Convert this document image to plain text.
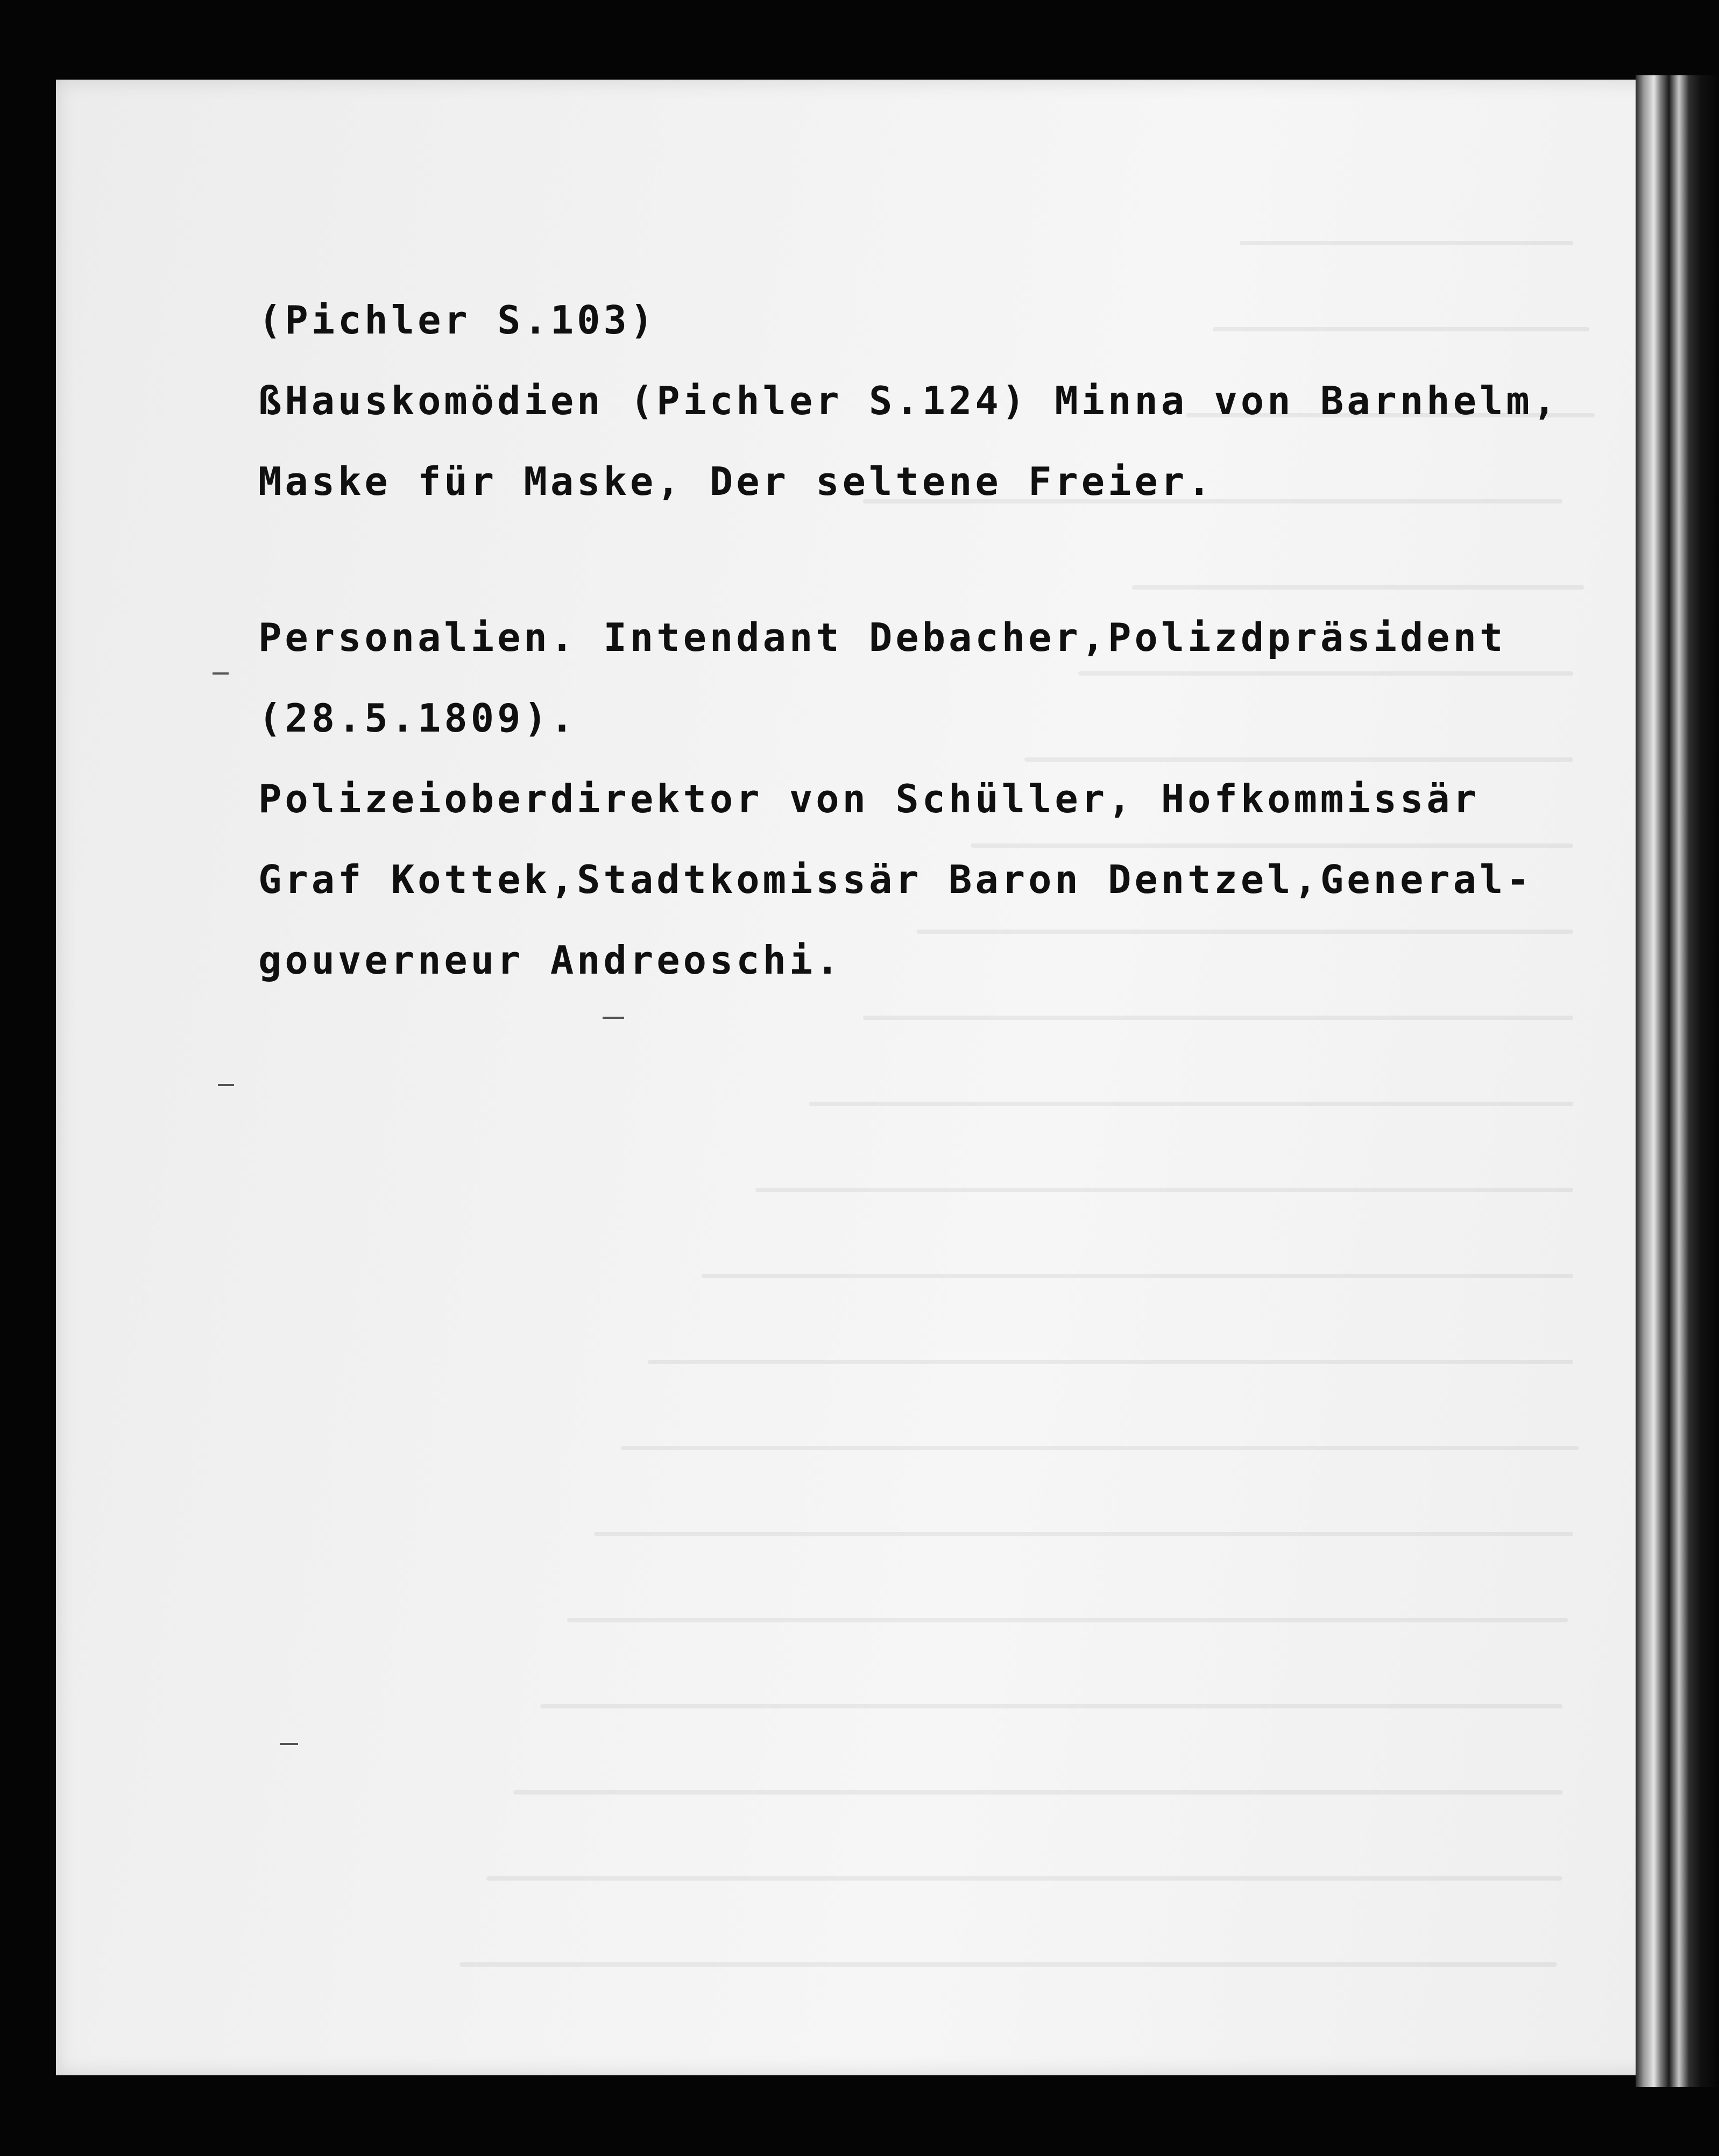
(Pichler S.103)
ßHauskomödien (Pichler S.124) Minna von Barnhelm,
Maske für Maske, Der seltene Freier.
Personalien. Intendant Debacher,Polizdpräsident
(28.5.1809).
Polizeioberdirektor von Schüller, Hofkommissär
Graf Kottek,Stadtkomissär Baron Dentzel,General-
gouverneur Andreoschi.
